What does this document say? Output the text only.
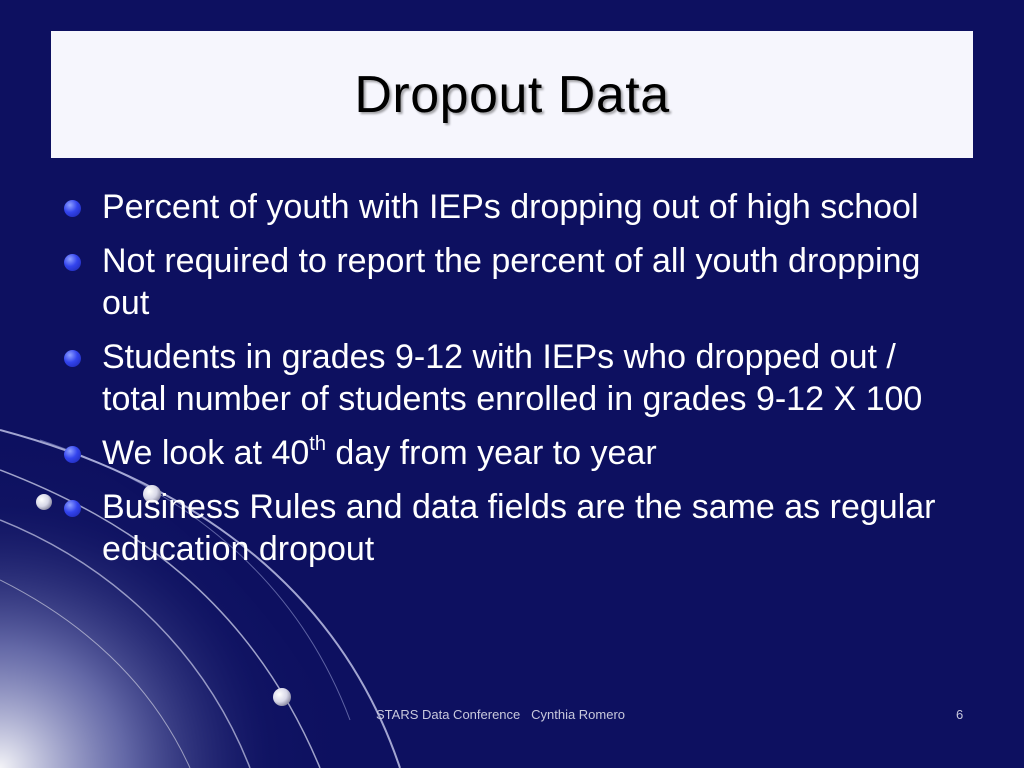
Dropout Data
Percent of youth with IEPs dropping out of high school
Not required to report the percent of all youth dropping out
Students in grades 9-12 with IEPs who dropped out / total number of students enrolled in grades 9-12 X 100
We look at 40th day from year to year
Business Rules and data fields are the same as regular education dropout
STARS Data Conference   Cynthia Romero	6
